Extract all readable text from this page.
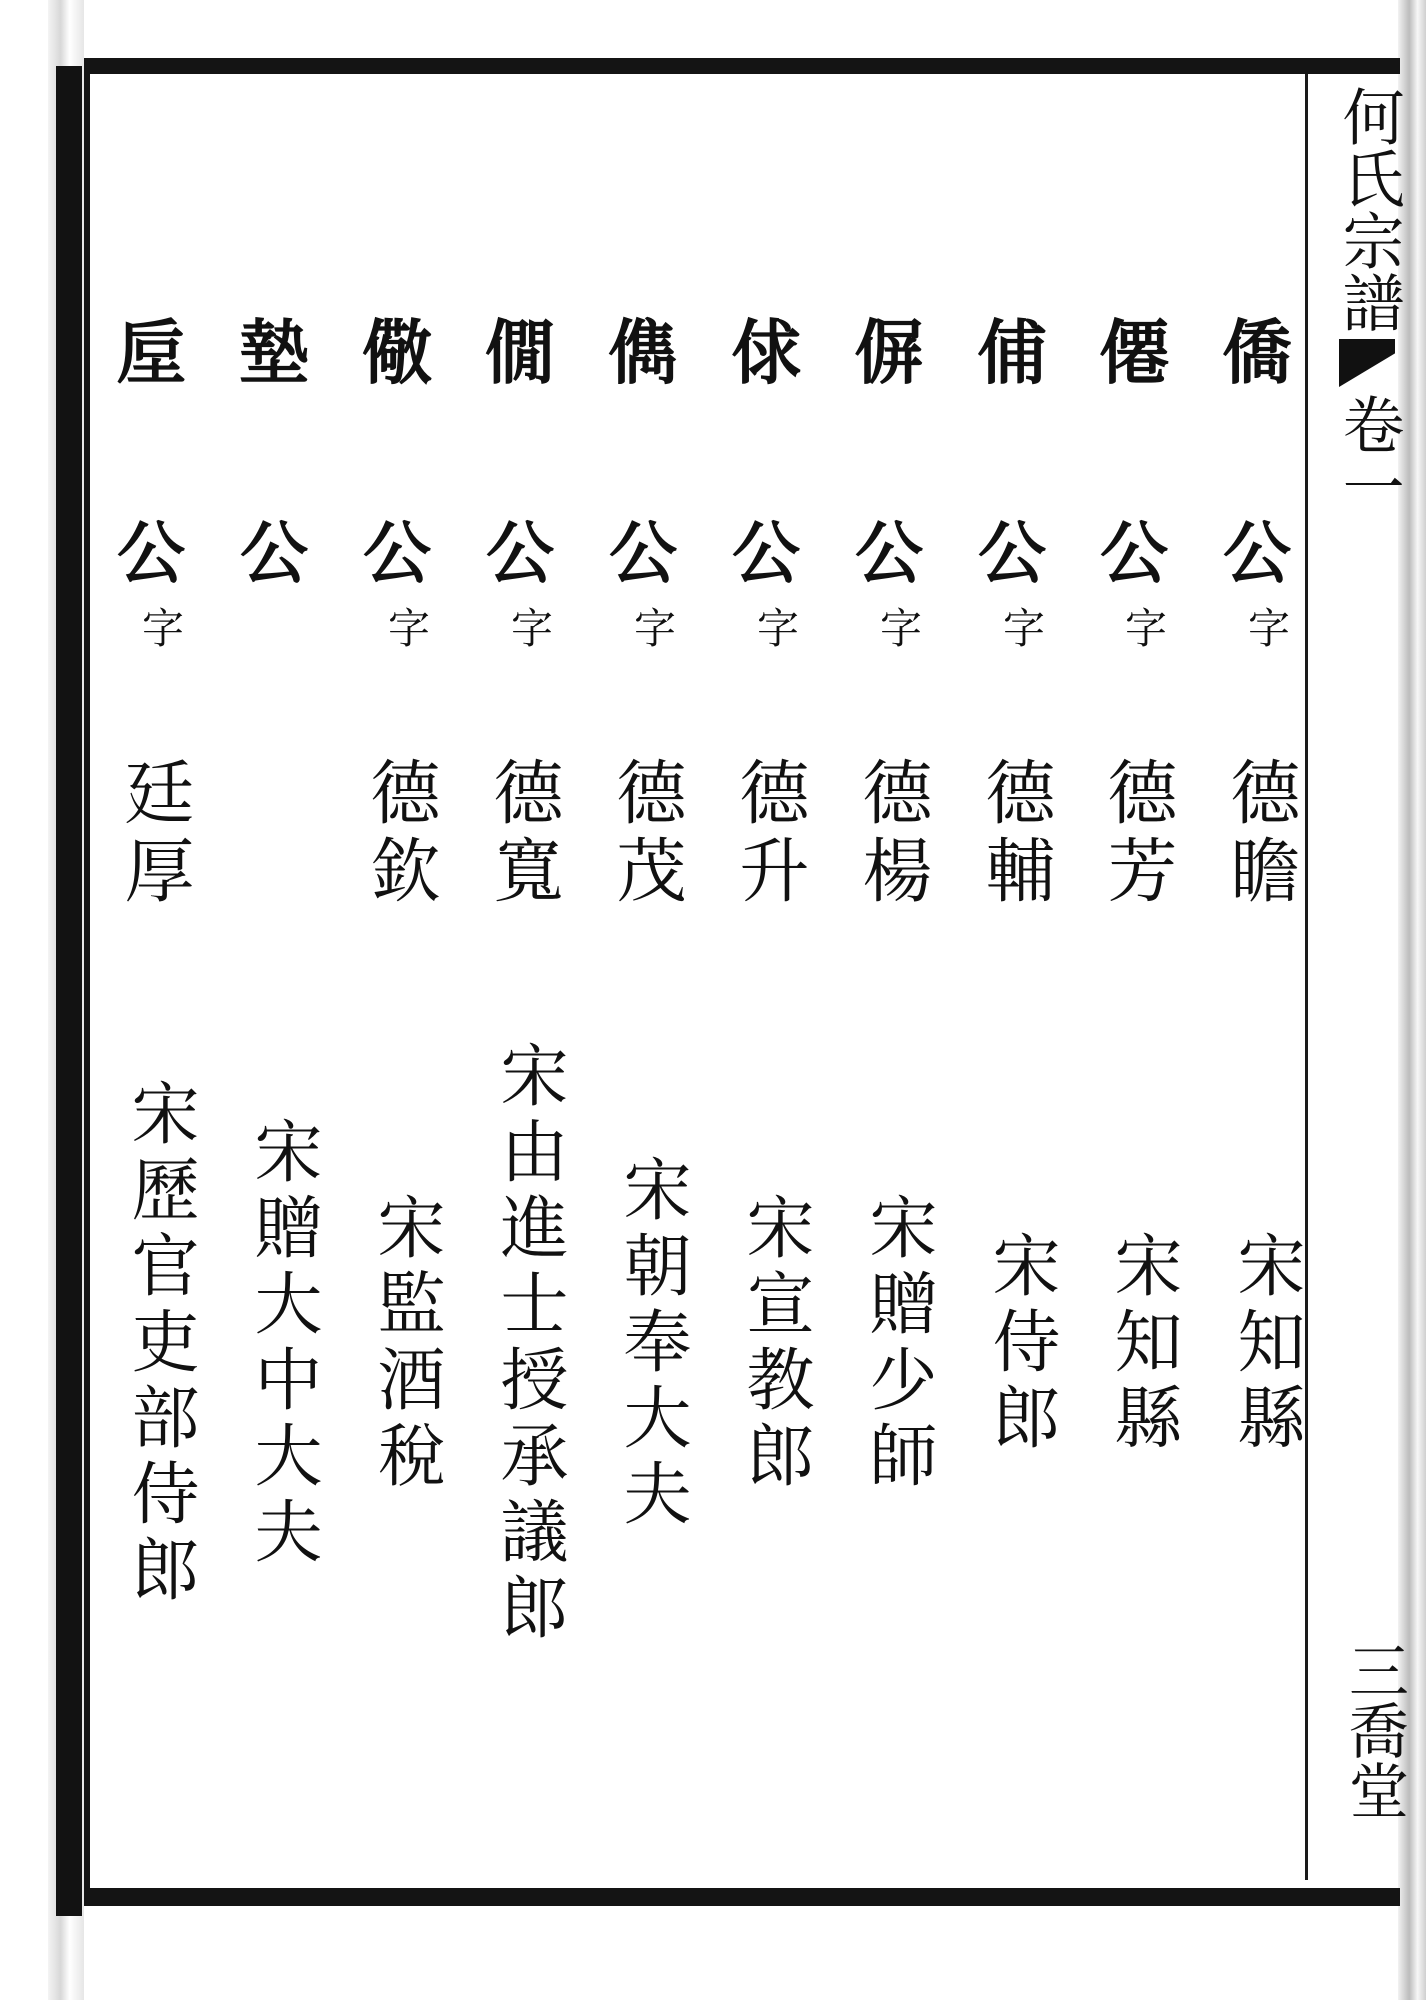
何氏宗譜
卷一
三喬堂
僑
公
字
德瞻
宋知縣
僊
公
字
德芳
宋知縣
俌
公
字
德輔
宋侍郎
偋
公
字
德楊
宋贈少師
俅
公
字
德升
宋宣教郎
儁
公
字
德茂
宋朝奉大夫
僩
公
字
德寬
宋由進士授承議郎
儆
公
字
德欽
宋監酒稅
墊
公
宋贈大中大夫
垕
公
字
廷厚
宋歷官吏部侍郎
